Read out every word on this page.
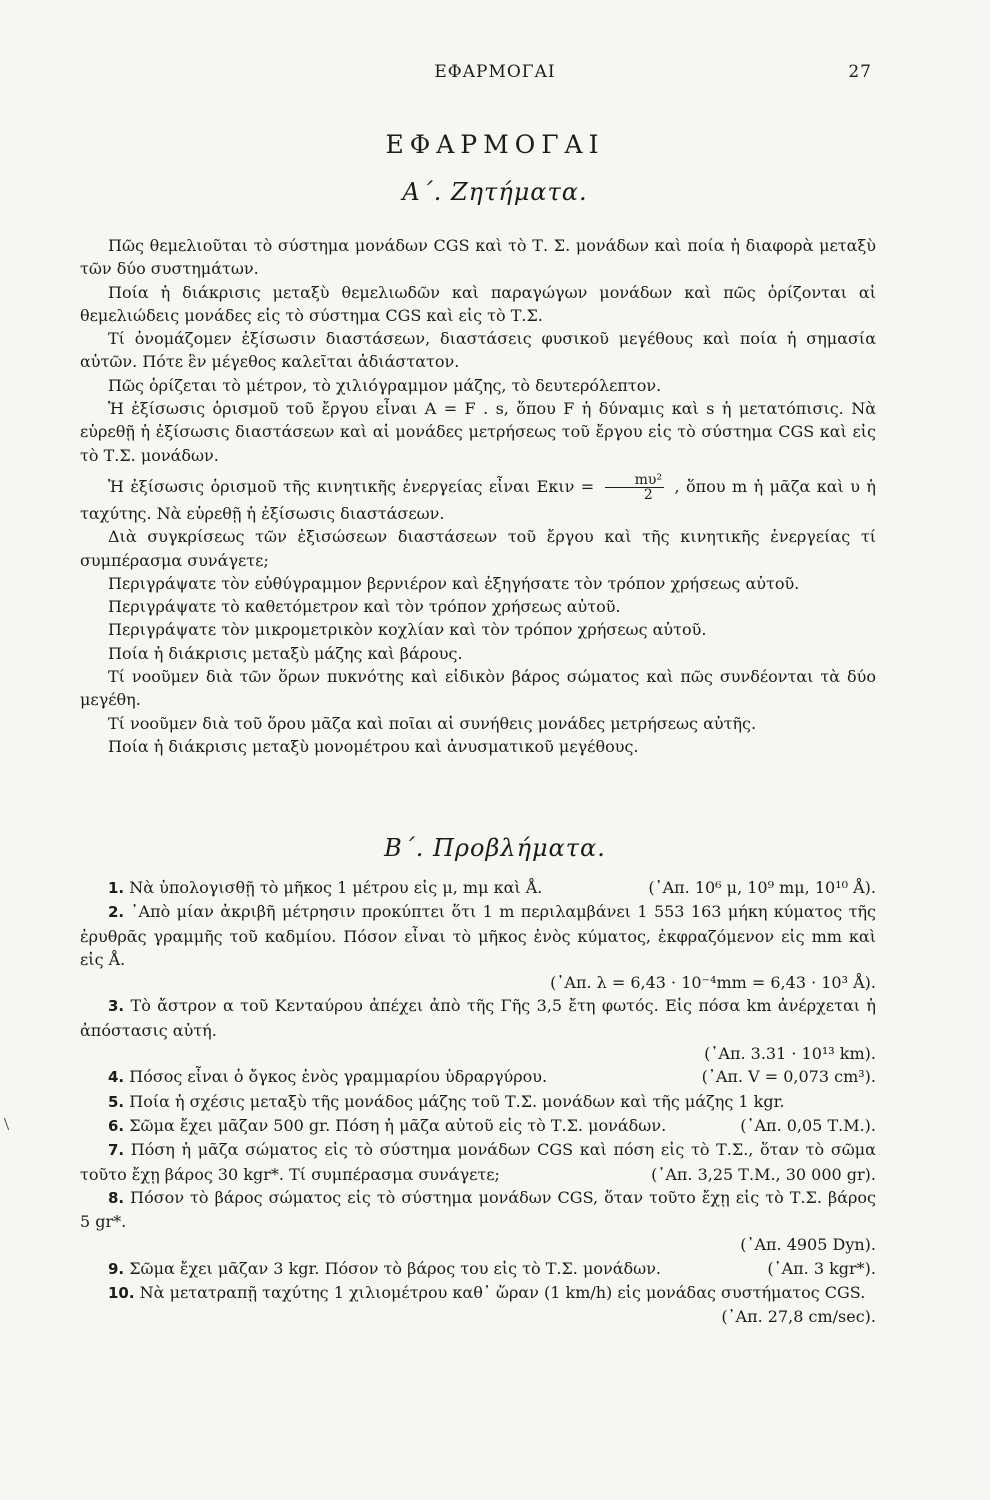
ΕΦΑΡΜΟΓΑΙ	27
ΕΦΑΡΜΟΓΑΙ
Α΄. Ζητήματα.

Πῶς θεμελιοῦται τὸ σύστημα μονάδων CGS καὶ τὸ Τ. Σ. μονάδων καὶ ποία ἡ διαφορὰ μεταξὺ τῶν δύο συστημάτων.

Ποία ἡ διάκρισις μεταξὺ θεμελιωδῶν καὶ παραγώγων μονάδων καὶ πῶς ὁρίζονται αἱ θεμελιώδεις μονάδες εἰς τὸ σύστημα CGS καὶ εἰς τὸ Τ.Σ.

Τί ὀνομάζομεν ἐξίσωσιν διαστάσεων, διαστάσεις φυσικοῦ μεγέθους καὶ ποία ἡ σημασία αὐτῶν. Πότε ἓν μέγεθος καλεῖται ἀδιάστατον.

Πῶς ὁρίζεται τὸ μέτρον, τὸ χιλιόγραμμον μάζης, τὸ δευτερόλεπτον.

Ἡ ἐξίσωσις ὁρισμοῦ τοῦ ἔργου εἶναι A = F . s, ὅπου F ἡ δύναμις καὶ s ἡ μετατόπισις. Νὰ εὑρεθῇ ἡ ἐξίσωσις διαστάσεων καὶ αἱ μονάδες μετρήσεως τοῦ ἔργου εἰς τὸ σύστημα CGS καὶ εἰς τὸ Τ.Σ. μονάδων.

Ἡ ἐξίσωσις ὁρισμοῦ τῆς κινητικῆς ἐνεργείας εἶναι $E\kappa\iota\nu = \frac{\text{mυ²}}{2}$ , ὅπου m ἡ μᾶζα καὶ υ ἡ ταχύτης. Νὰ εὑρεθῇ ἡ ἐξίσωσις διαστάσεων.

Διὰ συγκρίσεως τῶν ἐξισώσεων διαστάσεων τοῦ ἔργου καὶ τῆς κινητικῆς ἐνεργείας τί συμπέρασμα συνάγετε;

Περιγράψατε τὸν εὐθύγραμμον βερνιέρον καὶ ἐξηγήσατε τὸν τρόπον χρήσεως αὐτοῦ.

Περιγράψατε τὸ καθετόμετρον καὶ τὸν τρόπον χρήσεως αὐτοῦ.

Περιγράψατε τὸν μικρομετρικὸν κοχλίαν καὶ τὸν τρόπον χρήσεως αὐτοῦ.

Ποία ἡ διάκρισις μεταξὺ μάζης καὶ βάρους.

Τί νοοῦμεν διὰ τῶν ὅρων πυκνότης καὶ εἰδικὸν βάρος σώματος καὶ πῶς συνδέονται τὰ δύο μεγέθη.

Τί νοοῦμεν διὰ τοῦ ὅρου μᾶζα καὶ ποῖαι αἱ συνήθεις μονάδες μετρήσεως αὐτῆς.

Ποία ἡ διάκρισις μεταξὺ μονομέτρου καὶ ἀνυσματικοῦ μεγέθους.

Β΄. Προβλήματα.

1. Νὰ ὑπολογισθῇ τὸ μῆκος 1 μέτρου εἰς μ, mμ καὶ Å.	(᾿Απ. 10⁶ μ, 10⁹ mμ, 10¹⁰ Å).

2. ᾿Απὸ μίαν ἀκριβῆ μέτρησιν προκύπτει ὅτι 1 m περιλαμβάνει 1 553 163 μήκη κύματος τῆς ἐρυθρᾶς γραμμῆς τοῦ καδμίου. Πόσον εἶναι τὸ μῆκος ἑνὸς κύματος, ἐκφραζόμενον εἰς mm καὶ εἰς Å.
(᾿Απ. λ = 6,43 · 10⁻⁴mm = 6,43 · 10³ Å).

3. Τὸ ἄστρον α τοῦ Κενταύρου ἀπέχει ἀπὸ τῆς Γῆς 3,5 ἔτη φωτός. Εἰς πόσα km ἀνέρχεται ἡ ἀπόστασις αὐτή.
(᾿Απ. 3.31 · 10¹³ km).

4. Πόσος εἶναι ὁ ὄγκος ἑνὸς γραμμαρίου ὑδραργύρου.	(᾿Απ. V = 0,073 cm³).

5. Ποία ἡ σχέσις μεταξὺ τῆς μονάδος μάζης τοῦ Τ.Σ. μονάδων καὶ τῆς μάζης 1 kgr.

6. Σῶμα ἔχει μᾶζαν 500 gr. Πόση ἡ μᾶζα αὐτοῦ εἰς τὸ Τ.Σ. μονάδων.	(᾿Απ. 0,05 Τ.Μ.).

7. Πόση ἡ μᾶζα σώματος εἰς τὸ σύστημα μονάδων CGS καὶ πόση εἰς τὸ Τ.Σ., ὅταν τὸ σῶμα τοῦτο ἔχῃ βάρος 30 kgr*. Τί συμπέρασμα συνάγετε;	(᾿Απ. 3,25 Τ.Μ., 30 000 gr).

8. Πόσον τὸ βάρος σώματος εἰς τὸ σύστημα μονάδων CGS, ὅταν τοῦτο ἔχῃ εἰς τὸ Τ.Σ. βάρος 5 gr*.
(᾿Απ. 4905 Dyn).

9. Σῶμα ἔχει μᾶζαν 3 kgr. Πόσον τὸ βάρος του εἰς τὸ Τ.Σ. μονάδων.	(᾿Απ. 3 kgr*).

10. Νὰ μετατραπῇ ταχύτης 1 χιλιομέτρου καθ᾿ ὥραν (1 km/h) εἰς μονάδας συστήματος CGS.
(᾿Απ. 27,8 cm/sec).
